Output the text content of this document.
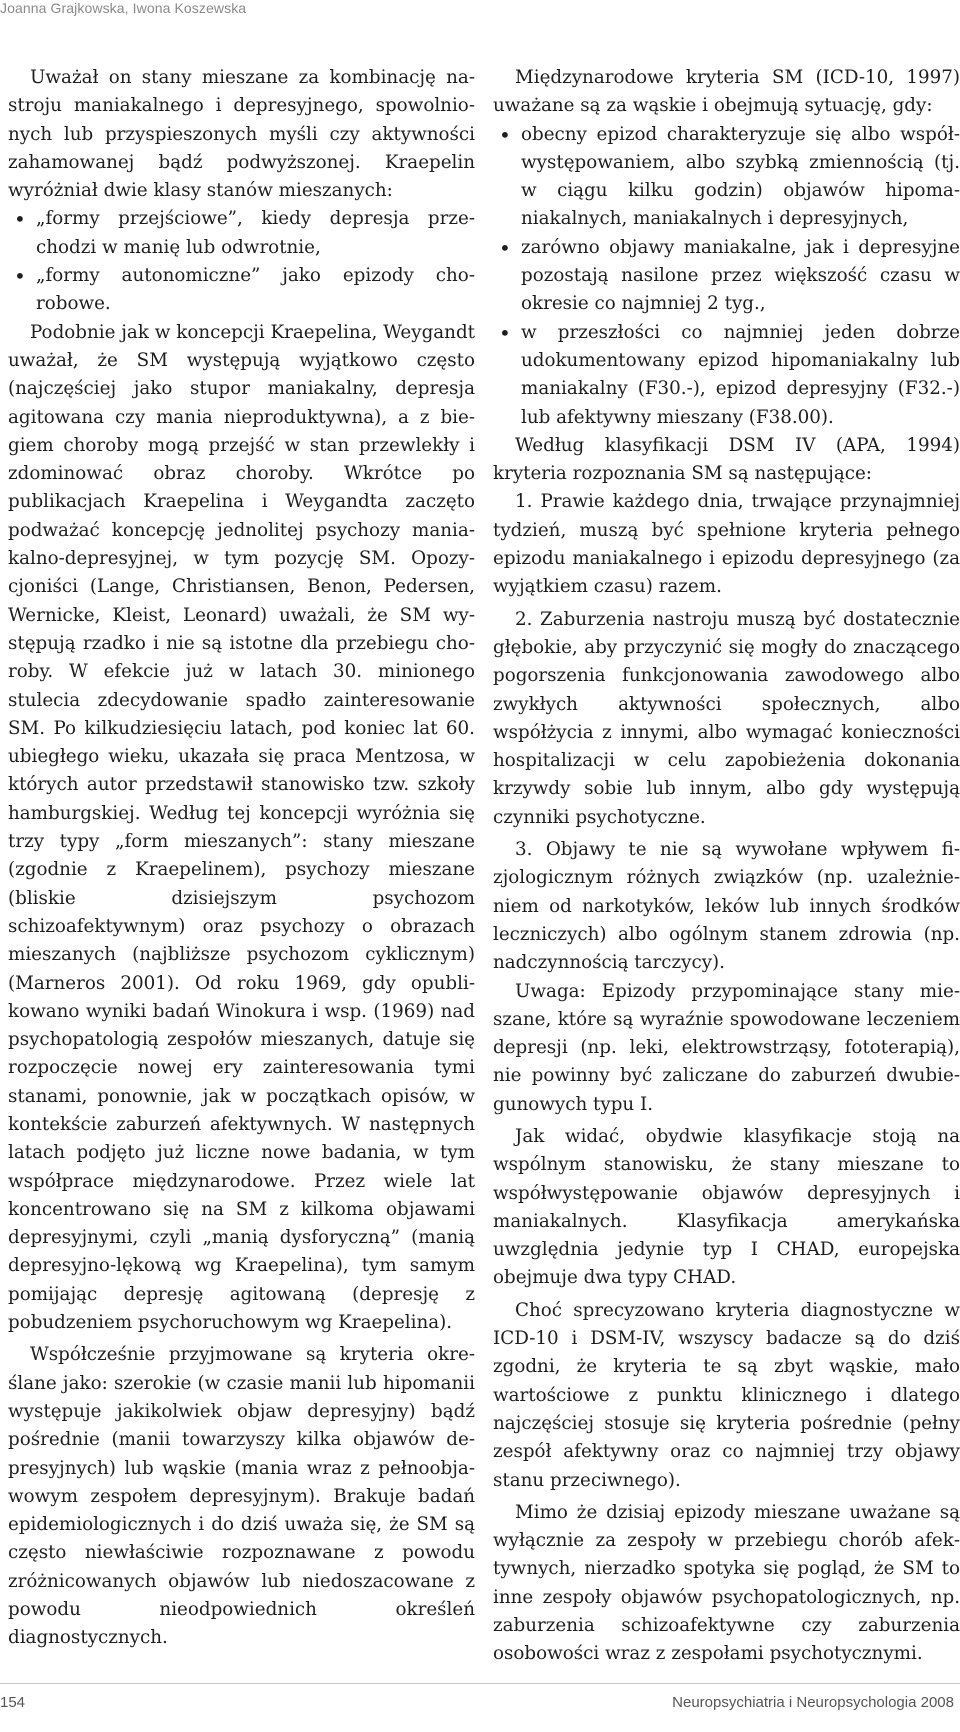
Joanna Grajkowska, Iwona Koszewska

Uważał on stany mieszane za kombinację nastroju maniakalnego i depresyjnego, spowolnionych lub przyspieszonych myśli czy aktywności zahamowanej bądź podwyższonej. Kraepelin wyróżniał dwie klasy stanów mieszanych:

• „formy przejściowe”, kiedy depresja przechodzi w manię lub odwrotnie,
• „formy autonomiczne” jako epizody chorobowe.

Podobnie jak w koncepcji Kraepelina, Weygandt uważał, że SM występują wyjątkowo często (najczęściej jako stupor maniakalny, depresja agitowana czy mania nieproduktywna), a z biegiem choroby mogą przejść w stan przewlekły i zdominować obraz choroby. Wkrótce po publikacjach Kraepelina i Weygandta zaczęto podważać koncepcję jednolitej psychozy maniakalno-depresyjnej, w tym pozycję SM. Opozycjoniści (Lange, Christiansen, Benon, Pedersen, Wernicke, Kleist, Leonard) uważali, że SM występują rzadko i nie są istotne dla przebiegu choroby. W efekcie już w latach 30. minionego stulecia zdecydowanie spadło zainteresowanie SM. Po kilkudziesięciu latach, pod koniec lat 60. ubiegłego wieku, ukazała się praca Mentzosa, w których autor przedstawił stanowisko tzw. szkoły hamburgskiej. Według tej koncepcji wyróżnia się trzy typy „form mieszanych”: stany mieszane (zgodnie z Kraepelinem), psychozy mieszane (bliskie dzisiejszym psychozom schizoafektywnym) oraz psychozy o obrazach mieszanych (najbliższe psychozom cyklicznym) (Marneros 2001). Od roku 1969, gdy opublikowano wyniki badań Winokura i wsp. (1969) nad psychopatologią zespołów mieszanych, datuje się rozpoczęcie nowej ery zainteresowania tymi stanami, ponownie, jak w początkach opisów, w kontekście zaburzeń afektywnych. W następnych latach podjęto już liczne nowe badania, w tym współprace międzynarodowe. Przez wiele lat koncentrowano się na SM z kilkoma objawami depresyjnymi, czyli „manią dysforyczną” (manią depresyjno-lękową wg Kraepelina), tym samym pomijając depresję agitowaną (depresję z pobudzeniem psychoruchowym wg Kraepelina).

Współcześnie przyjmowane są kryteria określane jako: szerokie (w czasie manii lub hipomanii występuje jakikolwiek objaw depresyjny) bądź pośrednie (manii towarzyszy kilka objawów depresyjnych) lub wąskie (mania wraz z pełnoobjawowym zespołem depresyjnym). Brakuje badań epidemiologicznych i do dziś uważa się, że SM są często niewłaściwie rozpoznawane z powodu zróżnicowanych objawów lub niedoszacowane z powodu nieodpowiednich określeń diagnostycznych.

Międzynarodowe kryteria SM (ICD-10, 1997) uważane są za wąskie i obejmują sytuację, gdy:

• obecny epizod charakteryzuje się albo współwystępowaniem, albo szybką zmiennością (tj. w ciągu kilku godzin) objawów hipomaniakalnych, maniakalnych i depresyjnych,
• zarówno objawy maniakalne, jak i depresyjne pozostają nasilone przez większość czasu w okresie co najmniej 2 tyg.,
• w przeszłości co najmniej jeden dobrze udokumentowany epizod hipomaniakalny lub maniakalny (F30.-), epizod depresyjny (F32.-) lub afektywny mieszany (F38.00).

Według klasyfikacji DSM IV (APA, 1994) kryteria rozpoznania SM są następujące:

1. Prawie każdego dnia, trwające przynajmniej tydzień, muszą być spełnione kryteria pełnego epizodu maniakalnego i epizodu depresyjnego (za wyjątkiem czasu) razem.
2. Zaburzenia nastroju muszą być dostatecznie głębokie, aby przyczynić się mogły do znaczącego pogorszenia funkcjonowania zawodowego albo zwykłych aktywności społecznych, albo współżycia z innymi, albo wymagać konieczności hospitalizacji w celu zapobieżenia dokonania krzywdy sobie lub innym, albo gdy występują czynniki psychotyczne.
3. Objawy te nie są wywołane wpływem fizjologicznym różnych związków (np. uzależnieniem od narkotyków, leków lub innych środków leczniczych) albo ogólnym stanem zdrowia (np. nadczynnością tarczycy).

Uwaga: Epizody przypominające stany mieszane, które są wyraźnie spowodowane leczeniem depresji (np. leki, elektrowstrząsy, fototerapią), nie powinny być zaliczane do zaburzeń dwubiegunowych typu I.

Jak widać, obydwie klasyfikacje stoją na wspólnym stanowisku, że stany mieszane to współwystępowanie objawów depresyjnych i maniakalnych. Klasyfikacja amerykańska uwzględnia jedynie typ I CHAD, europejska obejmuje dwa typy CHAD.

Choć sprecyzowano kryteria diagnostyczne w ICD-10 i DSM-IV, wszyscy badacze są do dziś zgodni, że kryteria te są zbyt wąskie, mało wartościowe z punktu klinicznego i dlatego najczęściej stosuje się kryteria pośrednie (pełny zespół afektywny oraz co najmniej trzy objawy stanu przeciwnego).

Mimo że dzisiaj epizody mieszane uważane są wyłącznie za zespoły w przebiegu chorób afektywnych, nierzadko spotyka się pogląd, że SM to inne zespoły objawów psychopatologicznych, np. zaburzenia schizoafektywne czy zaburzenia osobowości wraz z zespołami psychotycznymi.

154	Neuropsychiatria i Neuropsychologia 2008
